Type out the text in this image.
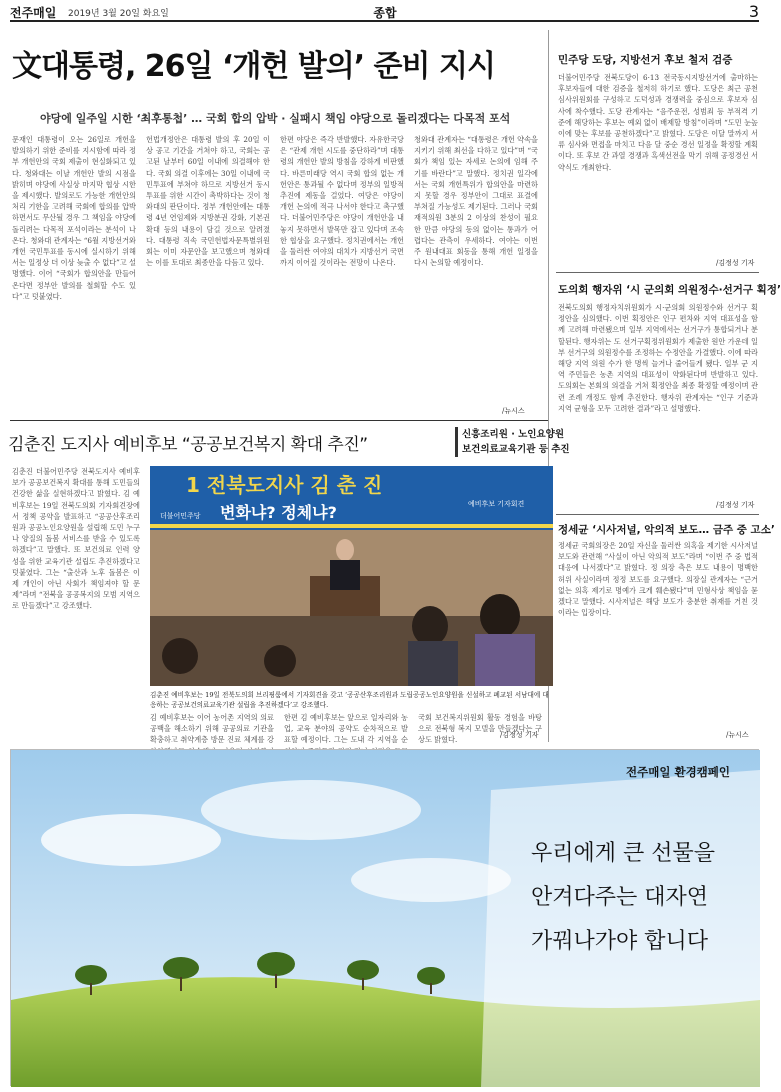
전주매일 2019년 3월 20일 화요일	종합	3
文대통령, 26일 ‘개헌 발의’ 준비 지시
야당에 일주일 시한 ‘최후통첩’ … 국회 합의 압박 · 실패시 책임 야당으로 돌리겠다는 다목적 포석
문재인 대통령이 오는 26일로 개헌을 발의하기 위한 준비를 지시함에 따라 정부 개헌안의 국회 제출이 현실화되고 있다. 청와대는 이날 개헌안 발의 시점을 밝히며 야당에 사실상 마지막 협상 시한을 제시했다. 발의로도 가능한 개헌안의 처리 기한을 고려해 국회에 합의를 압박하면서도 무산될 경우 그 책임을 야당에 돌리려는 다목적 포석이라는 분석이 나온다. 청와대 관계자는 “6월 지방선거와 개헌 국민투표를 동시에 실시하기 위해서는 일정상 더 이상 늦출 수 없다”고 설명했다. 이어 “국회가 합의안을 만들어 온다면 정부안 발의를 철회할 수도 있다”고 덧붙였다.
헌법개정안은 대통령 발의 후 20일 이상 공고 기간을 거쳐야 하고, 국회는 공고된 날부터 60일 이내에 의결해야 한다. 국회 의결 이후에는 30일 이내에 국민투표에 부쳐야 하므로 지방선거 동시 투표를 위한 시간이 촉박하다는 것이 청와대의 판단이다. 정부 개헌안에는 대통령 4년 연임제와 지방분권 강화, 기본권 확대 등의 내용이 담길 것으로 알려졌다. 대통령 직속 국민헌법자문특별위원회는 이미 자문안을 보고했으며 청와대는 이를 토대로 최종안을 다듬고 있다.
한편 야당은 즉각 반발했다. 자유한국당은 “관제 개헌 시도를 중단하라”며 대통령의 개헌안 발의 방침을 강하게 비판했다. 바른미래당 역시 국회 합의 없는 개헌안은 통과될 수 없다며 정부의 일방적 추진에 제동을 걸었다. 여당은 야당이 개헌 논의에 적극 나서야 한다고 촉구했다. 더불어민주당은 야당이 개헌안을 내놓지 못하면서 발목만 잡고 있다며 조속한 협상을 요구했다. 정치권에서는 개헌을 둘러싼 여야의 대치가 지방선거 국면까지 이어질 것이라는 전망이 나온다.
청와대 관계자는 “대통령은 개헌 약속을 지키기 위해 최선을 다하고 있다”며 “국회가 책임 있는 자세로 논의에 임해 주기를 바란다”고 말했다. 정치권 일각에서는 국회 개헌특위가 합의안을 마련하지 못할 경우 정부안이 그대로 표결에 부쳐질 가능성도 제기된다. 그러나 국회 재적의원 3분의 2 이상의 찬성이 필요한 만큼 야당의 동의 없이는 통과가 어렵다는 관측이 우세하다. 여야는 이번 주 원내대표 회동을 통해 개헌 일정을 다시 논의할 예정이다.
/뉴시스
민주당 도당, 지방선거 후보 철저 검증
더불어민주당 전북도당이 6·13 전국동시지방선거에 출마하는 후보자들에 대한 검증을 철저히 하기로 했다. 도당은 최근 공천심사위원회를 구성하고 도덕성과 경쟁력을 중심으로 후보자 심사에 착수했다. 도당 관계자는 “음주운전, 성범죄 등 부적격 기준에 해당하는 후보는 예외 없이 배제할 방침”이라며 “도민 눈높이에 맞는 후보를 공천하겠다”고 밝혔다. 도당은 이달 말까지 서류 심사와 면접을 마치고 다음 달 중순 경선 일정을 확정할 계획이다. 또 후보 간 과열 경쟁과 흑색선전을 막기 위해 공정경선 서약식도 개최한다.
/김정성 기자
도의회 행자위 ‘시 군의회 의원정수·선거구 획정’
전북도의회 행정자치위원회가 시·군의회 의원정수와 선거구 획정안을 심의했다. 이번 획정안은 인구 편차와 지역 대표성을 함께 고려해 마련됐으며 일부 지역에서는 선거구가 통합되거나 분할된다. 행자위는 도 선거구획정위원회가 제출한 원안 가운데 일부 선거구의 의원정수를 조정하는 수정안을 가결했다. 이에 따라 해당 지역 의원 수가 한 명씩 늘거나 줄어들게 됐다. 일부 군 지역 주민들은 농촌 지역의 대표성이 약화된다며 반발하고 있다. 도의회는 본회의 의결을 거쳐 획정안을 최종 확정할 예정이며 관련 조례 개정도 함께 추진한다. 행자위 관계자는 “인구 기준과 지역 균형을 모두 고려한 결과”라고 설명했다.
/김정성 기자
정세균 ‘시사저널, 악의적 보도… 금주 중 고소’
정세균 국회의장은 20일 자신을 둘러싼 의혹을 제기한 시사저널 보도와 관련해 “사실이 아닌 악의적 보도”라며 “이번 주 중 법적 대응에 나서겠다”고 밝혔다. 정 의장 측은 보도 내용이 명백한 허위 사실이라며 정정 보도를 요구했다. 의장실 관계자는 “근거 없는 의혹 제기로 명예가 크게 훼손됐다”며 민형사상 책임을 묻겠다고 말했다. 시사저널은 해당 보도가 충분한 취재를 거친 것이라는 입장이다.
/뉴시스
김춘진 도지사 예비후보 “공공보건복지 확대 추진”
신흥조리원 · 노인요양원
보건의료교육기관 등 추진
김춘진 더불어민주당 전북도지사 예비후보가 공공보건복지 확대를 통해 도민들의 건강한 삶을 실현하겠다고 밝혔다. 김 예비후보는 19일 전북도의회 기자회견장에서 정책 공약을 발표하고 “공공산후조리원과 공공노인요양원을 설립해 도민 누구나 양질의 돌봄 서비스를 받을 수 있도록 하겠다”고 말했다. 또 보건의료 인력 양성을 위한 교육기관 설립도 추진하겠다고 덧붙였다. 그는 “출산과 노후 돌봄은 이제 개인이 아닌 사회가 책임져야 할 문제”라며 “전북을 공공복지의 모범 지역으로 만들겠다”고 강조했다.
김 예비후보는 이어 농어촌 지역의 의료 공백을 해소하기 위해 공공의료 기관을 확충하고 취약계층 방문 진료 체계를 강
한편 김 예비후보는 앞으로 일자리와 농업, 교육 분야의 공약도 순차적으로 발표할 예정이다. 그는 도내 각 지역을 순
국회 보건복지위원회 활동 경험을 바탕으로 전북형 복지 모델을 만들겠다는 구상도 밝혔다.
/김정성 기자
1 전북도지사 김 춘 진
변화냐? 정체냐?
더불어민주당
예비후보 기자회견
김춘진 예비후보는 19일 전북도의회 브리핑룸에서 기자회견을 갖고 ‘공공산후조리원과 도립공공노인요양원을 신설하고 폐교된 서남대에 대응하는 공공보건의료교육기관 설립을 추진하겠다’고 강조했다.
전주매일 환경캠페인
우리에게 큰 선물을
안겨다주는 대자연
가꿔나가야 합니다
